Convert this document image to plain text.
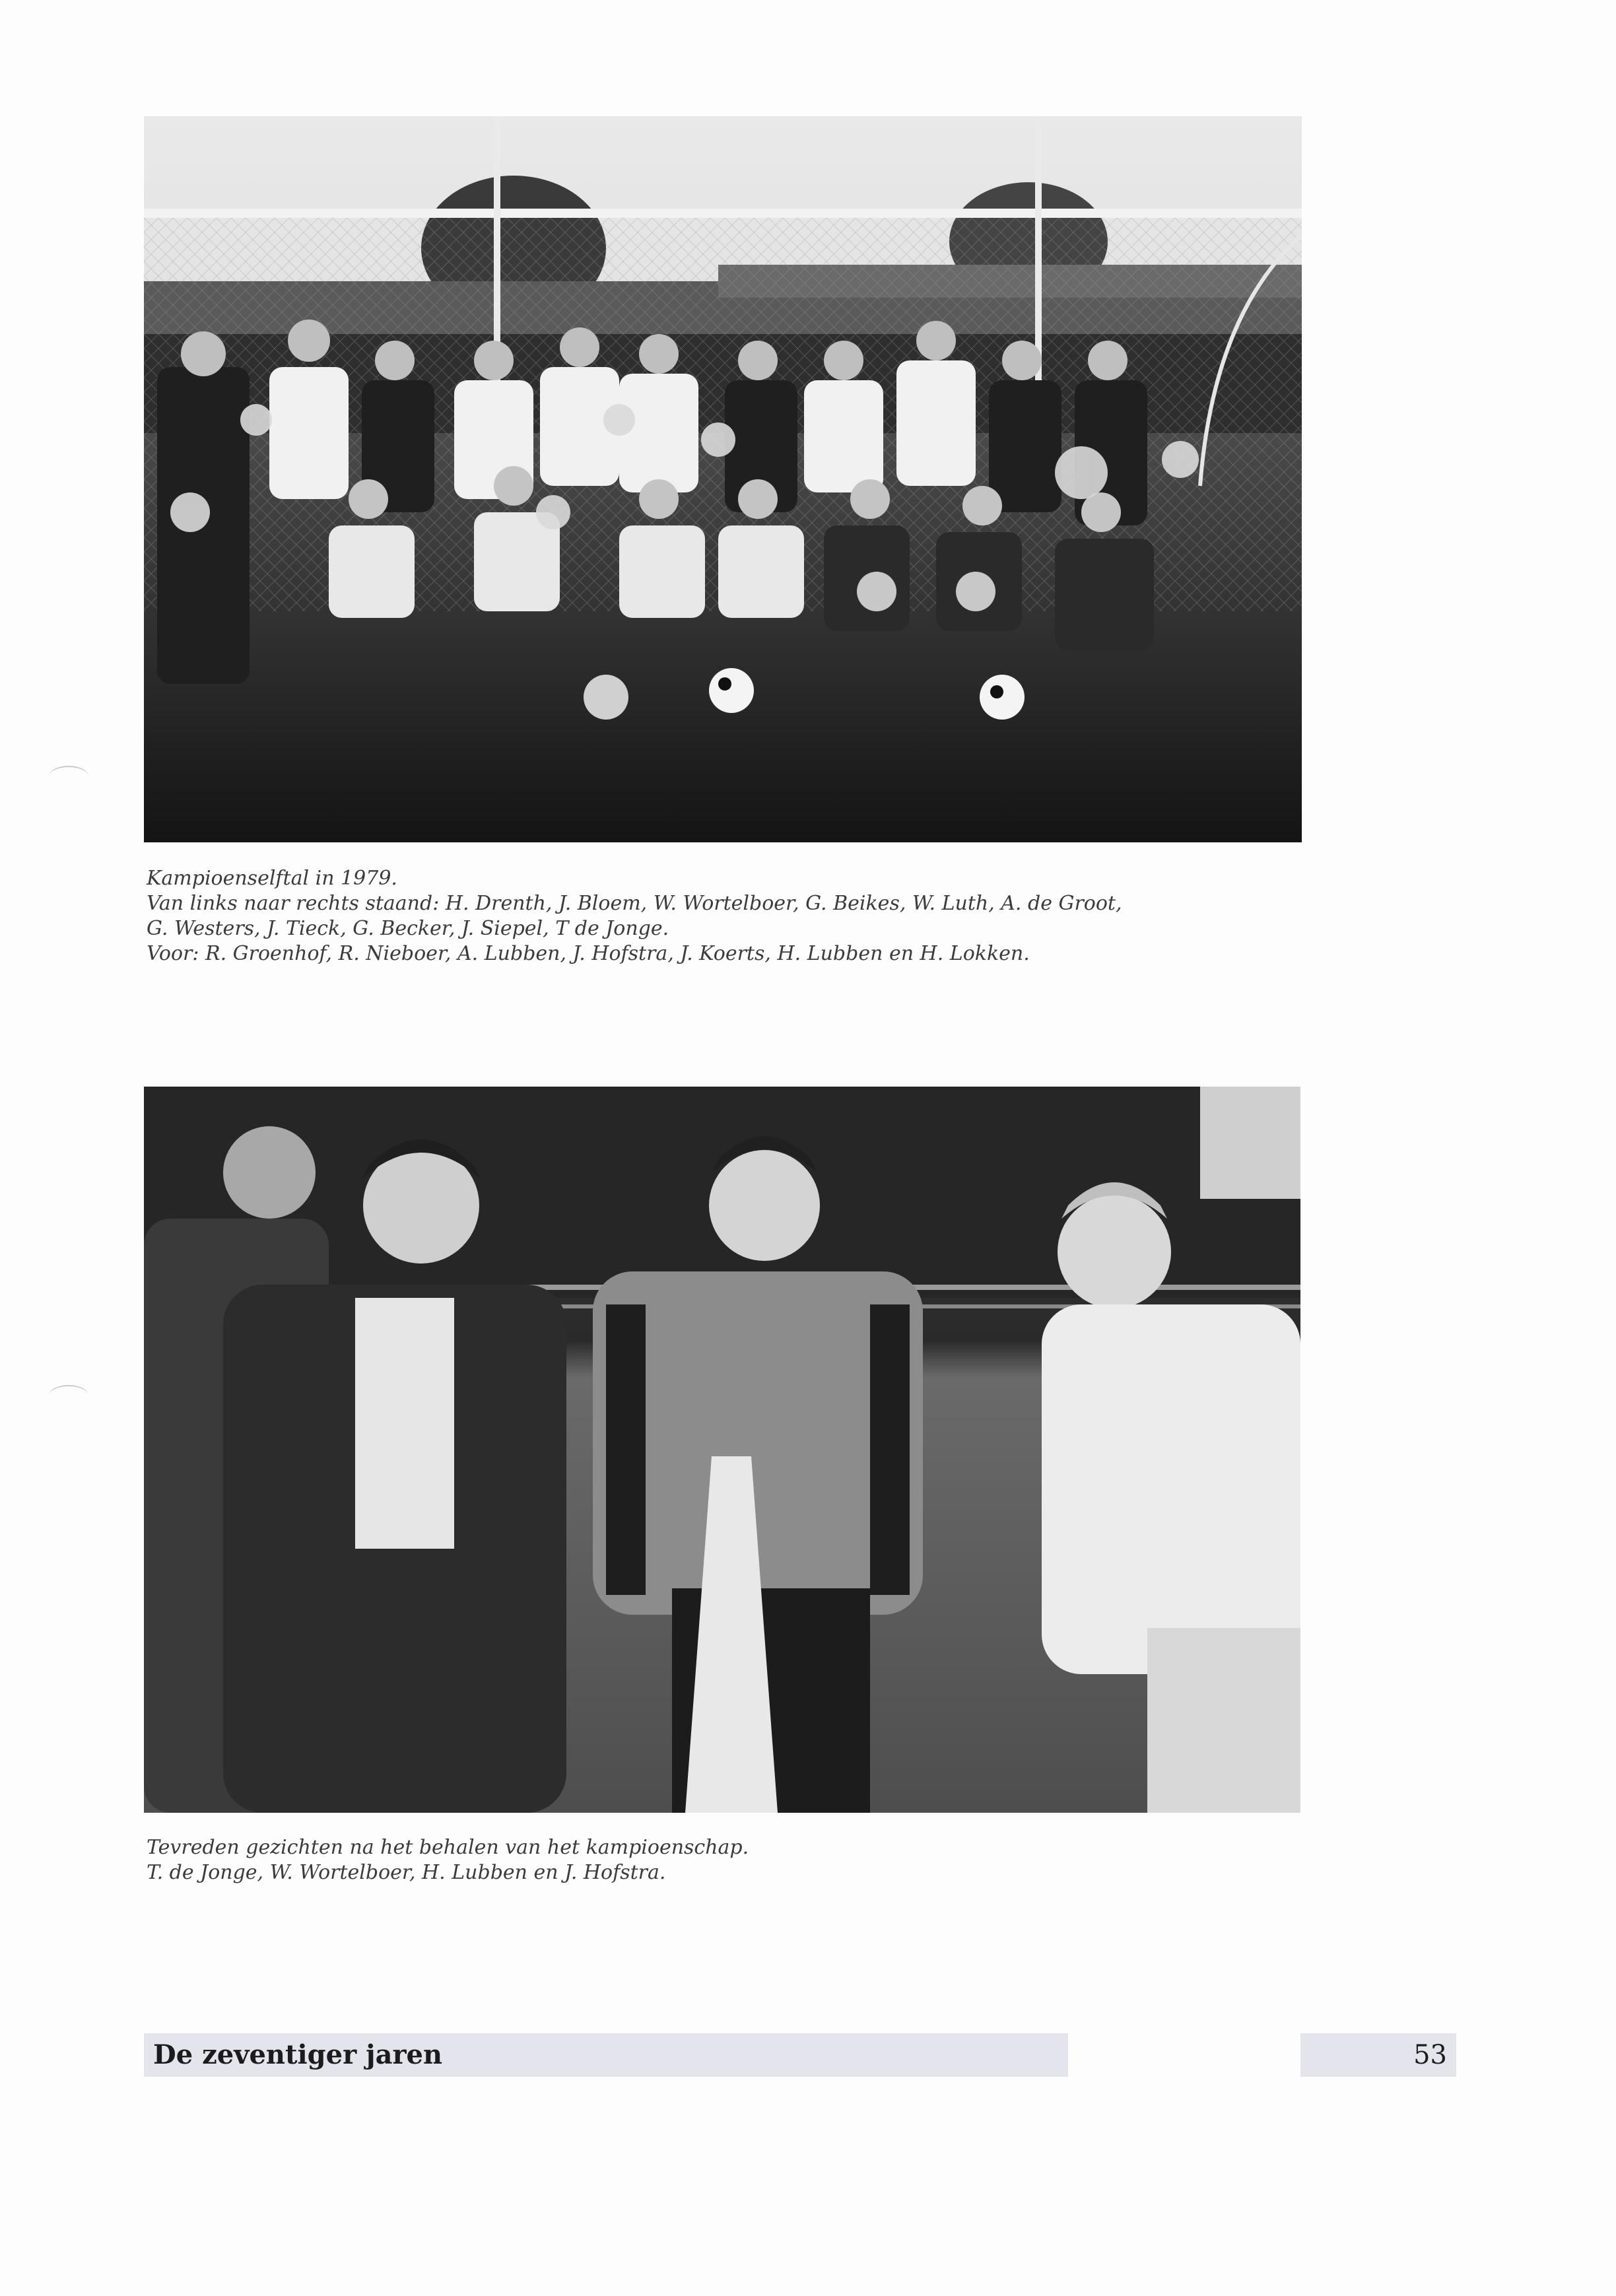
Kampioenselftal in 1979.
Van links naar rechts staand: H. Drenth, J. Bloem, W. Wortelboer, G. Beikes, W. Luth, A. de Groot,
G. Westers, J. Tieck, G. Becker, J. Siepel, T de Jonge.
Voor: R. Groenhof, R. Nieboer, A. Lubben, J. Hofstra, J. Koerts, H. Lubben en H. Lokken.
Tevreden gezichten na het behalen van het kampioenschap.
T. de Jonge, W. Wortelboer, H. Lubben en J. Hofstra.
De zeventiger jaren	53
